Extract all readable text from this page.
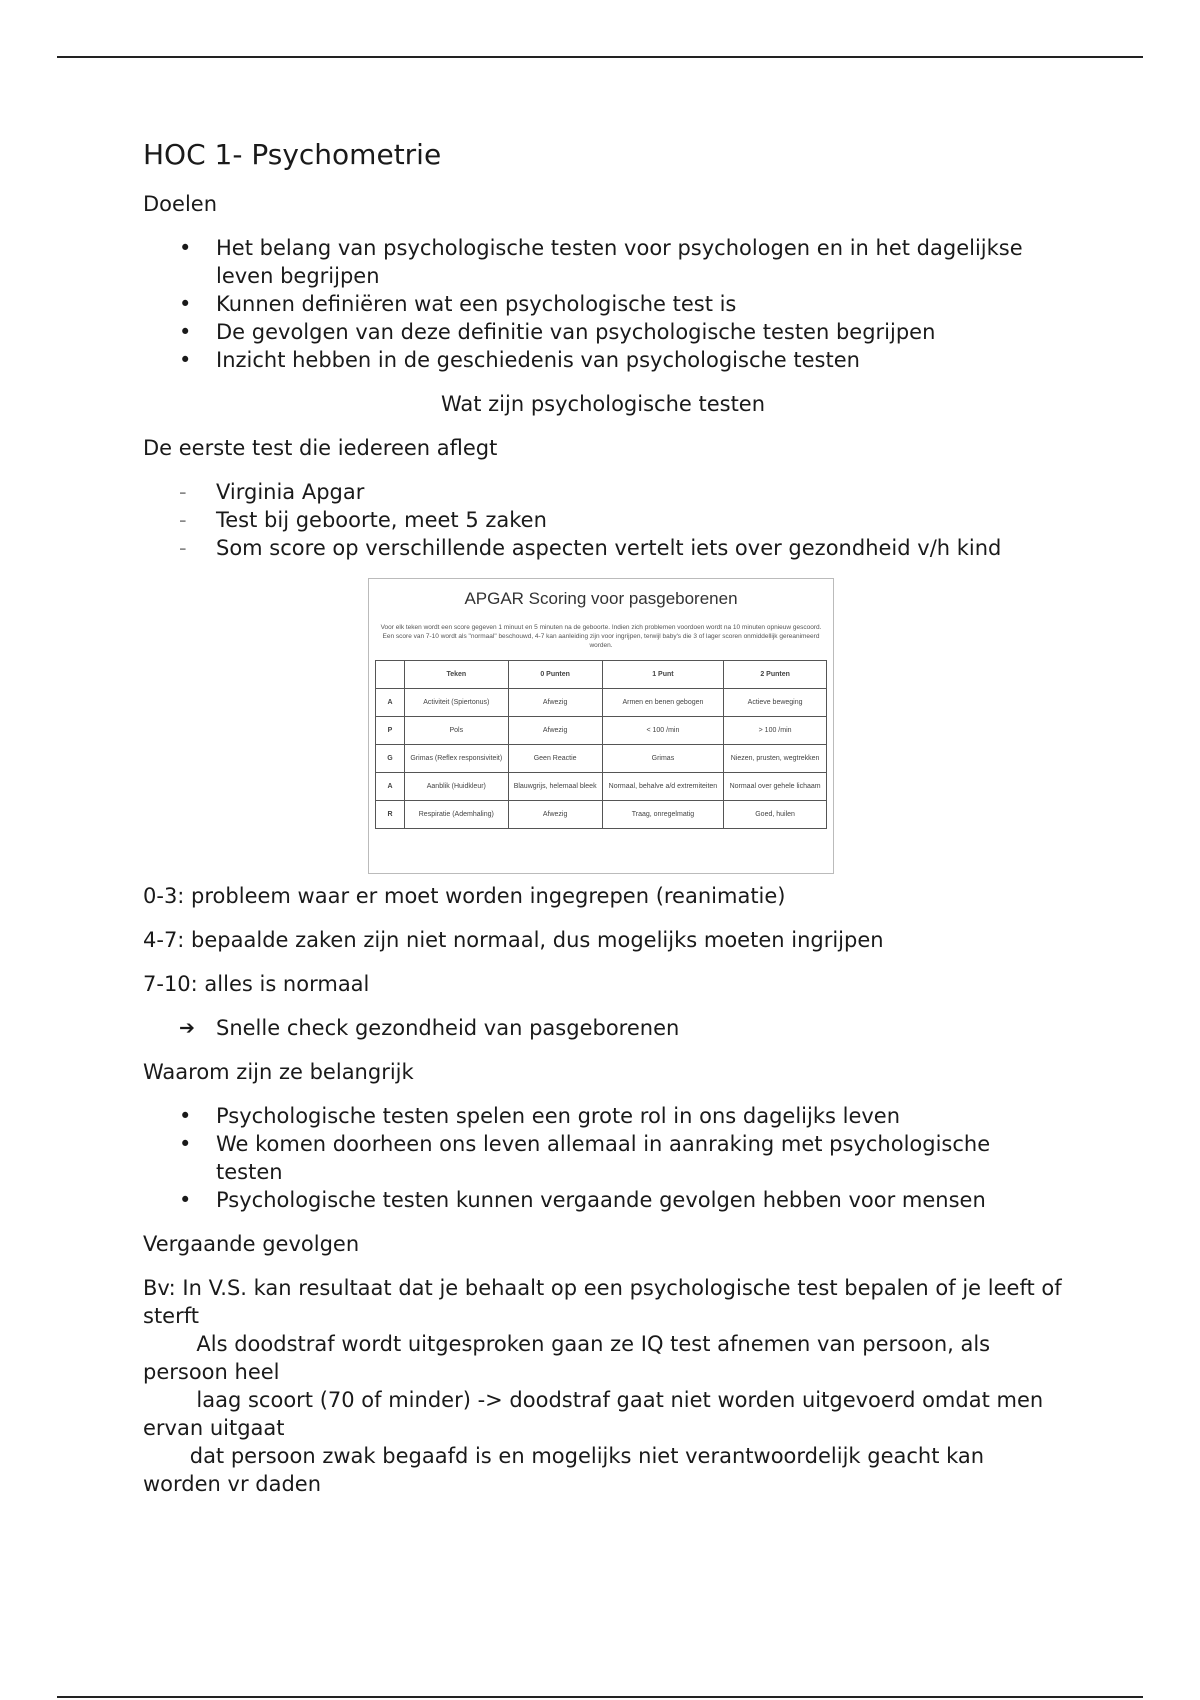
HOC 1- Psychometrie

Doelen

• Het belang van psychologische testen voor psychologen en in het dagelijkse leven begrijpen
• Kunnen definiëren wat een psychologische test is
• De gevolgen van deze definitie van psychologische testen begrijpen
• Inzicht hebben in de geschiedenis van psychologische testen

Wat zijn psychologische testen

De eerste test die iedereen aflegt

- Virginia Apgar
- Test bij geboorte, meet 5 zaken
- Som score op verschillende aspecten vertelt iets over gezondheid v/h kind
APGAR Scoring voor pasgeborenen
Voor elk teken wordt een score gegeven 1 minuut en 5 minuten na de geboorte. Indien zich problemen voordoen wordt na 10 minuten opnieuw gescoord. Een score van 7-10 wordt als "normaal" beschouwd, 4-7 kan aanleiding zijn voor ingrijpen, terwijl baby's die 3 of lager scoren onmiddellijk gereanimeerd worden.
	Teken	0 Punten	1 Punt	2 Punten
A	Activiteit (Spiertonus)	Afwezig	Armen en benen gebogen	Actieve beweging
P	Pols	Afwezig	< 100 /min	> 100 /min
G	Grimas (Reflex responsiviteit)	Geen Reactie	Grimas	Niezen, prusten, wegtrekken
A	Aanblik (Huidkleur)	Blauwgrijs, helemaal bleek	Normaal, behalve a/d extremiteiten	Normaal over gehele lichaam
R	Respiratie (Ademhaling)	Afwezig	Traag, onregelmatig	Goed, huilen

0-3: probleem waar er moet worden ingegrepen (reanimatie)

4-7: bepaalde zaken zijn niet normaal, dus mogelijks moeten ingrijpen

7-10: alles is normaal

➔ Snelle check gezondheid van pasgeborenen

Waarom zijn ze belangrijk

• Psychologische testen spelen een grote rol in ons dagelijks leven
• We komen doorheen ons leven allemaal in aanraking met psychologische testen
• Psychologische testen kunnen vergaande gevolgen hebben voor mensen

Vergaande gevolgen

Bv: In V.S. kan resultaat dat je behaalt op een psychologische test bepalen of je leeft of sterft
Als doodstraf wordt uitgesproken gaan ze IQ test afnemen van persoon, als persoon heel
laag scoort (70 of minder) -> doodstraf gaat niet worden uitgevoerd omdat men ervan uitgaat
dat persoon zwak begaafd is en mogelijks niet verantwoordelijk geacht kan worden vr daden
